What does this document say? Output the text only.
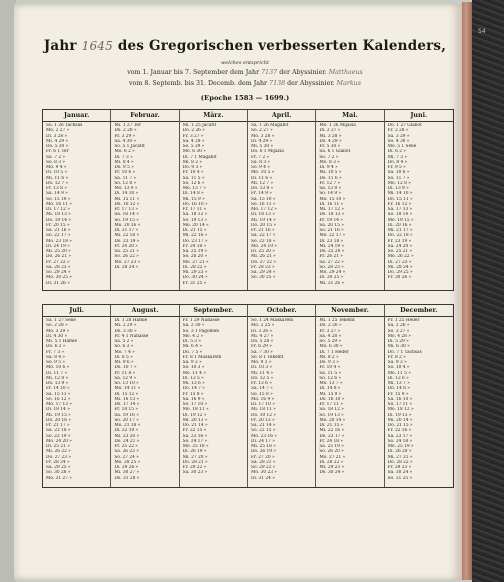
54
Jahr 1645 des Gregorischen verbesserten Kalenders,
welches entspricht
vom 1. Januar bis 7. September dem Jahr 7137 der Abyssinier. Matthaeus
vom 8. Septemb. bis 31. Decemb. dem Jahr 7138 der Abyssinier. Markus
(Epoche 1583 — 1699.)
Januar.
So. 1 26 Tachsas
Mo. 2 27 »
Di. 3 28 »
Mi. 4 29 »
Do. 5 30 »
Fr. 6 1 Ter
Sa. 7 2 »
So. 8 3 »
Mo. 9 4 »
Di. 10 5 »
Mi. 11 6 »
Do. 12 7 »
Fr. 13 8 »
Sa. 14 9 »
So. 15 10 »
Mo. 16 11 »
Di. 17 12 »
Mi. 18 13 »
Do. 19 14 »
Fr. 20 15 »
Sa. 21 16 »
So. 22 17 »
Mo. 23 18 »
Di. 24 19 »
Mi. 25 20 »
Do. 26 21 »
Fr. 27 22 »
Sa. 28 23 »
So. 29 24 »
Mo. 30 25 »
Di. 31 26 »
Februar.
Mi. 1 27 Ter
Do. 2 28 »
Fr. 3 29 »
Sa. 4 30 »
So. 5 1 Jacatit
Mo. 6 2 »
Di. 7 3 »
Mi. 8 4 »
Do. 9 5 »
Fr. 10 6 »
Sa. 11 7 »
So. 12 8 »
Mo. 13 9 »
Di. 14 10 »
Mi. 15 11 »
Do. 16 12 »
Fr. 17 13 »
Sa. 18 14 »
So. 19 15 »
Mo. 20 16 »
Di. 21 17 »
Mi. 22 18 »
Do. 23 19 »
Fr. 24 20 »
Sa. 25 21 »
So. 26 22 »
Mo. 27 23 »
Di. 28 24 »
März.
Mi. 1 25 Jacatit
Do. 2 26 »
Fr. 3 27 »
Sa. 4 28 »
So. 5 29 »
Mo. 6 30 »
Di. 7 1 Magabit
Mi. 8 2 »
Do. 9 3 »
Fr. 10 4 »
Sa. 11 5 »
So. 12 6 »
Mo. 13 7 »
Di. 14 8 »
Mi. 15 9 »
Do. 16 10 »
Fr. 17 11 »
Sa. 18 12 »
So. 19 13 »
Mo. 20 14 »
Di. 21 15 »
Mi. 22 16 »
Do. 23 17 »
Fr. 24 18 »
Sa. 25 19 »
So. 26 20 »
Mo. 27 21 »
Di. 28 22 »
Mi. 29 23 »
Do. 30 24 »
Fr. 31 25 »
April.
Sa. 1 26 Magabit
So. 2 27 »
Mo. 3 28 »
Di. 4 29 »
Mi. 5 30 »
Do. 6 1 Mijazia
Fr. 7 2 »
Sa. 8 3 »
So. 9 4 »
Mo. 10 5 »
Di. 11 6 »
Mi. 12 7 »
Do. 13 8 »
Fr. 14 9 »
Sa. 15 10 »
So. 16 11 »
Mo. 17 12 »
Di. 18 13 »
Mi. 19 14 »
Do. 20 15 »
Fr. 21 16 »
Sa. 22 17 »
So. 23 18 »
Mo. 24 19 »
Di. 25 20 »
Mi. 26 21 »
Do. 27 22 »
Fr. 28 23 »
Sa. 29 24 »
So. 30 25 »
Mai.
Mo. 1 26 Mijazia
Di. 2 27 »
Mi. 3 28 »
Do. 4 29 »
Fr. 5 30 »
Sa. 6 1 Giabot
So. 7 2 »
Mo. 8 3 »
Di. 9 4 »
Mi. 10 5 »
Do. 11 6 »
Fr. 12 7 »
Sa. 13 8 »
So. 14 9 »
Mo. 15 10 »
Di. 16 11 »
Mi. 17 12 »
Do. 18 13 »
Fr. 19 14 »
Sa. 20 15 »
So. 21 16 »
Mo. 22 17 »
Di. 23 18 »
Mi. 24 19 »
Do. 25 20 »
Fr. 26 21 »
Sa. 27 22 »
So. 28 23 »
Mo. 29 24 »
Di. 30 25 »
Mi. 31 26 »
Juni.
Do. 1 27 Giabot
Fr. 2 28 »
Sa. 3 29 »
So. 4 30 »
Mo. 5 1 Sene
Di. 6 2 »
Mi. 7 3 »
Do. 8 4 »
Fr. 9 5 »
Sa. 10 6 »
So. 11 7 »
Mo. 12 8 »
Di. 13 9 »
Mi. 14 10 »
Do. 15 11 »
Fr. 16 12 »
Sa. 17 13 »
So. 18 14 »
Mo. 19 15 »
Di. 20 16 »
Mi. 21 17 »
Do. 22 18 »
Fr. 23 19 »
Sa. 24 20 »
So. 25 21 »
Mo. 26 22 »
Di. 27 23 »
Mi. 28 24 »
Do. 29 25 »
Fr. 30 26 »
Juli.
Sa. 1 27 Sene
So. 2 28 »
Mo. 3 29 »
Di. 4 30 »
Mi. 5 1 Hamle
Do. 6 2 »
Fr. 7 3 »
Sa. 8 4 »
So. 9 5 »
Mo. 10 6 »
Di. 11 7 »
Mi. 12 8 »
Do. 13 9 »
Fr. 14 10 »
Sa. 15 11 »
So. 16 12 »
Mo. 17 13 »
Di. 18 14 »
Mi. 19 15 »
Do. 20 16 »
Fr. 21 17 »
Sa. 22 18 »
So. 23 19 »
Mo. 24 20 »
Di. 25 21 »
Mi. 26 22 »
Do. 27 23 »
Fr. 28 24 »
Sa. 29 25 »
So. 30 26 »
Mo. 31 27 »
August.
Di. 1 28 Hamle
Mi. 2 29 »
Do. 3 30 »
Fr. 4 1 Nahasse
Sa. 5 2 »
So. 6 3 »
Mo. 7 4 »
Di. 8 5 »
Mi. 9 6 »
Do. 10 7 »
Fr. 11 8 »
Sa. 12 9 »
So. 13 10 »
Mo. 14 11 »
Di. 15 12 »
Mi. 16 13 »
Do. 17 14 »
Fr. 18 15 »
Sa. 19 16 »
So. 20 17 »
Mo. 21 18 »
Di. 22 19 »
Mi. 23 20 »
Do. 24 21 »
Fr. 25 22 »
Sa. 26 23 »
So. 27 24 »
Mo. 28 25 »
Di. 29 26 »
Mi. 30 27 »
Do. 31 28 »
September.
Fr. 1 29 Nahasse
Sa. 2 30 »
So. 3 1 Pagomen
Mo. 4 2 »
Di. 5 3 »
Mi. 6 4 »
Do. 7 5 »
Fr. 8 1 Maskarem
Sa. 9 2 »
So. 10 3 »
Mo. 11 4 »
Di. 12 5 »
Mi. 13 6 »
Do. 14 7 »
Fr. 15 8 »
Sa. 16 9 »
So. 17 10 »
Mo. 18 11 »
Di. 19 12 »
Mi. 20 13 »
Do. 21 14 »
Fr. 22 15 »
Sa. 23 16 »
So. 24 17 »
Mo. 25 18 »
Di. 26 19 »
Mi. 27 20 »
Do. 28 21 »
Fr. 29 22 »
Sa. 30 23 »
October.
So. 1 24 Maskarem
Mo. 2 25 »
Di. 3 26 »
Mi. 4 27 »
Do. 5 28 »
Fr. 6 29 »
Sa. 7 30 »
So. 8 1 Tekemt
Mo. 9 2 »
Di. 10 3 »
Mi. 11 4 »
Do. 12 5 »
Fr. 13 6 »
Sa. 14 7 »
So. 15 8 »
Mo. 16 9 »
Di. 17 10 »
Mi. 18 11 »
Do. 19 12 »
Fr. 20 13 »
Sa. 21 14 »
So. 22 15 »
Mo. 23 16 »
Di. 24 17 »
Mi. 25 18 »
Do. 26 19 »
Fr. 27 20 »
Sa. 28 21 »
So. 29 22 »
Mo. 30 23 »
Di. 31 24 »
November.
Mi. 1 25 Tekemt
Do. 2 26 »
Fr. 3 27 »
Sa. 4 28 »
So. 5 29 »
Mo. 6 30 »
Di. 7 1 Heder
Mi. 8 2 »
Do. 9 3 »
Fr. 10 4 »
Sa. 11 5 »
So. 12 6 »
Mo. 13 7 »
Di. 14 8 »
Mi. 15 9 »
Do. 16 10 »
Fr. 17 11 »
Sa. 18 12 »
So. 19 13 »
Mo. 20 14 »
Di. 21 15 »
Mi. 22 16 »
Do. 23 17 »
Fr. 24 18 »
Sa. 25 19 »
So. 26 20 »
Mo. 27 21 »
Di. 28 22 »
Mi. 29 23 »
Do. 30 24 »
December.
Fr. 1 25 Heder
Sa. 2 26 »
So. 3 27 »
Mo. 4 28 »
Di. 5 29 »
Mi. 6 30 »
Do. 7 1 Tachsas
Fr. 8 2 »
Sa. 9 3 »
So. 10 4 »
Mo. 11 5 »
Di. 12 6 »
Mi. 13 7 »
Do. 14 8 »
Fr. 15 9 »
Sa. 16 10 »
So. 17 11 »
Mo. 18 12 »
Di. 19 13 »
Mi. 20 14 »
Do. 21 15 »
Fr. 22 16 »
Sa. 23 17 »
So. 24 18 »
Mo. 25 19 »
Di. 26 20 »
Mi. 27 21 »
Do. 28 22 »
Fr. 29 23 »
Sa. 30 24 »
So. 31 25 »
